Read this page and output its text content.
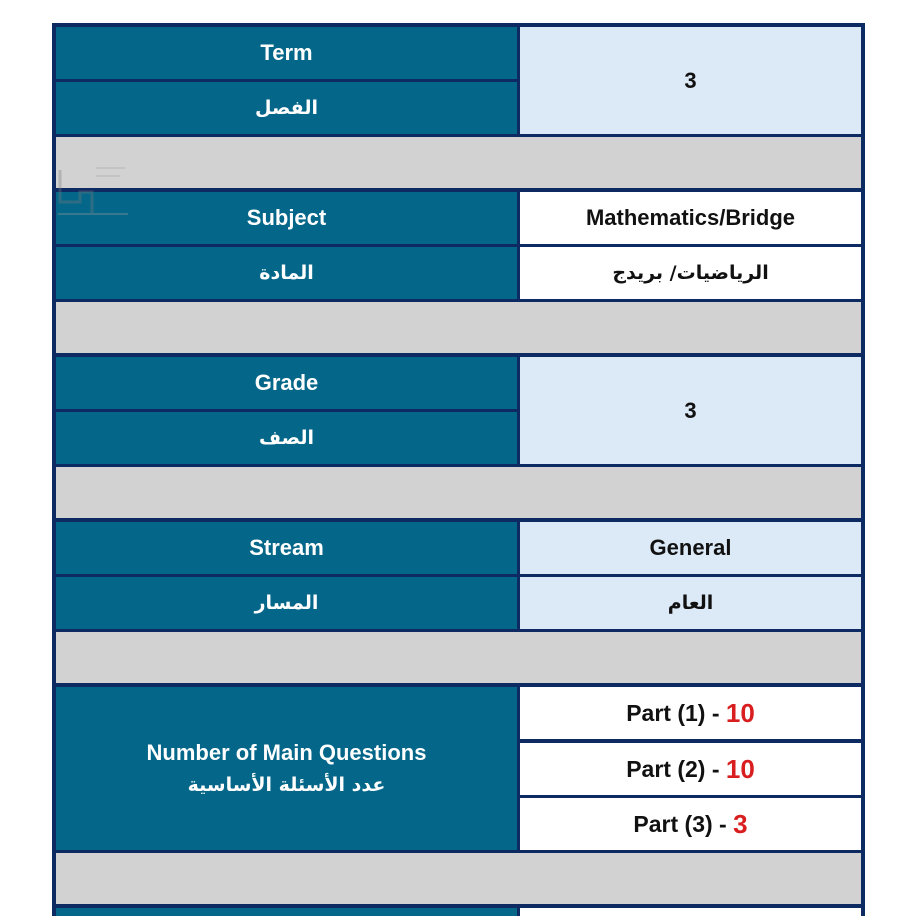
Term
الفصل
3
Subject
المادة
Mathematics/Bridge
الرياضيات/ بريدج
Grade
الصف
3
Stream
المسار
General
العام
Number of Main Questions
عدد الأسئلة الأساسية
Part (1) - 10
Part (2) - 10
Part (3) - 3
